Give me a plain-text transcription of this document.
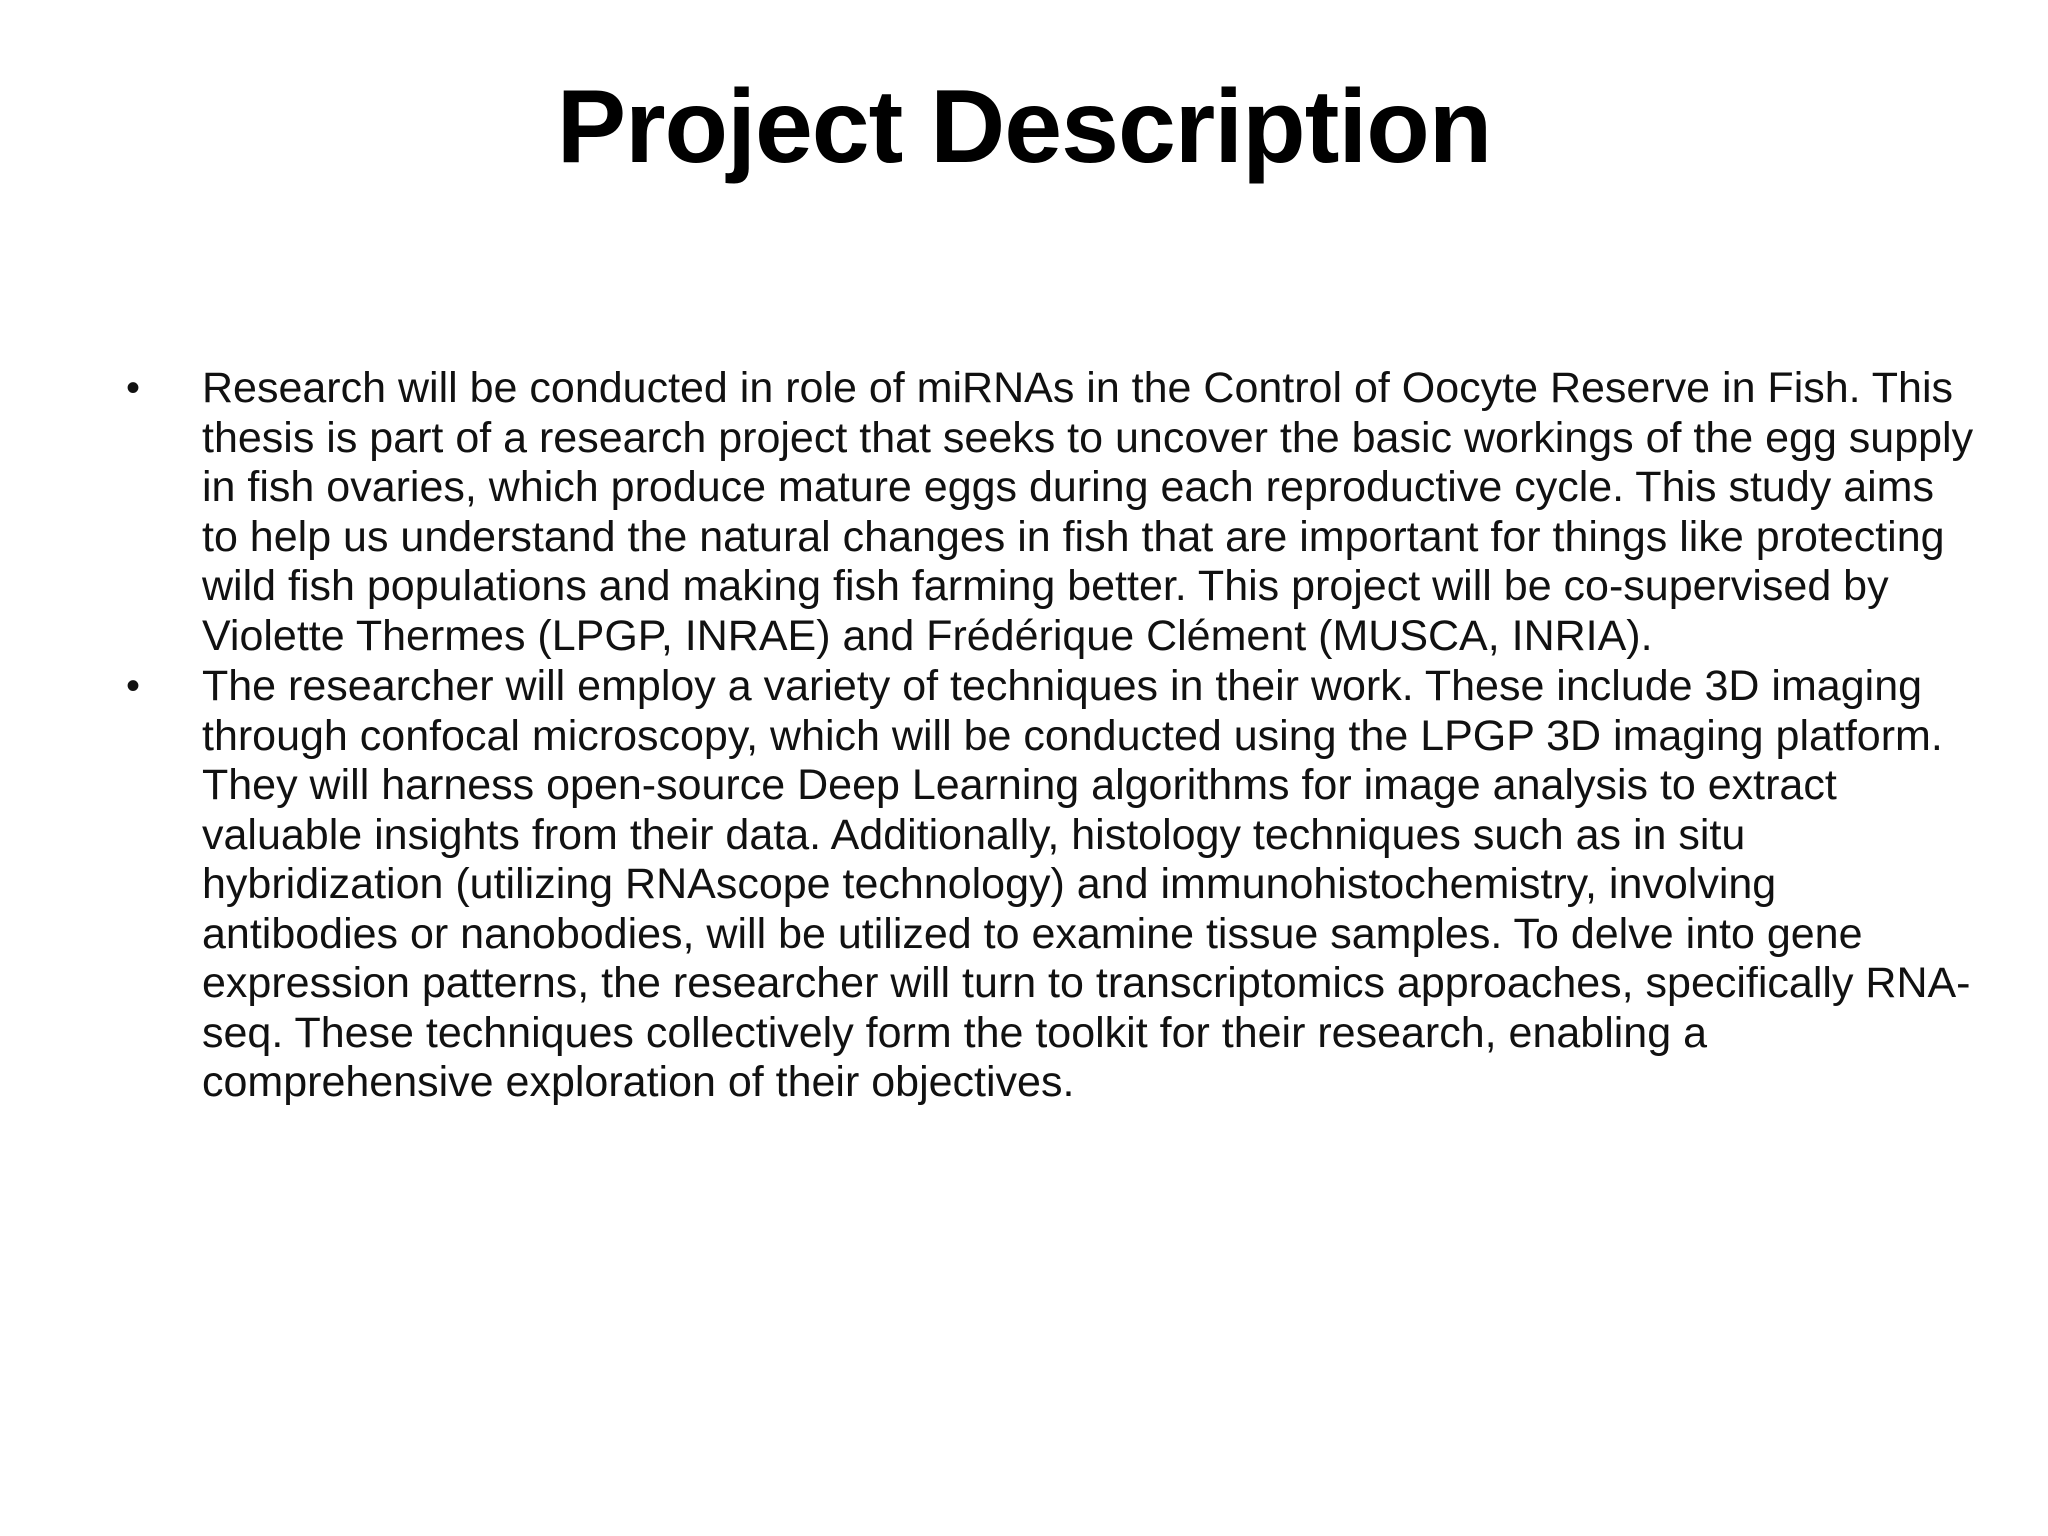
Project Description
• Research will be conducted in role of miRNAs in the Control of Oocyte Reserve in Fish. This thesis is part of a research project that seeks to uncover the basic workings of the egg supply in fish ovaries, which produce mature eggs during each reproductive cycle. This study aims to help us understand the natural changes in fish that are important for things like protecting wild fish populations and making fish farming better. This project will be co-supervised by Violette Thermes (LPGP, INRAE) and Frédérique Clément (MUSCA, INRIA).
• The researcher will employ a variety of techniques in their work. These include 3D imaging through confocal microscopy, which will be conducted using the LPGP 3D imaging platform. They will harness open-source Deep Learning algorithms for image analysis to extract valuable insights from their data. Additionally, histology techniques such as in situ hybridization (utilizing RNAscope technology) and immunohistochemistry, involving antibodies or nanobodies, will be utilized to examine tissue samples. To delve into gene expression patterns, the researcher will turn to transcriptomics approaches, specifically RNA-seq. These techniques collectively form the toolkit for their research, enabling a comprehensive exploration of their objectives.
